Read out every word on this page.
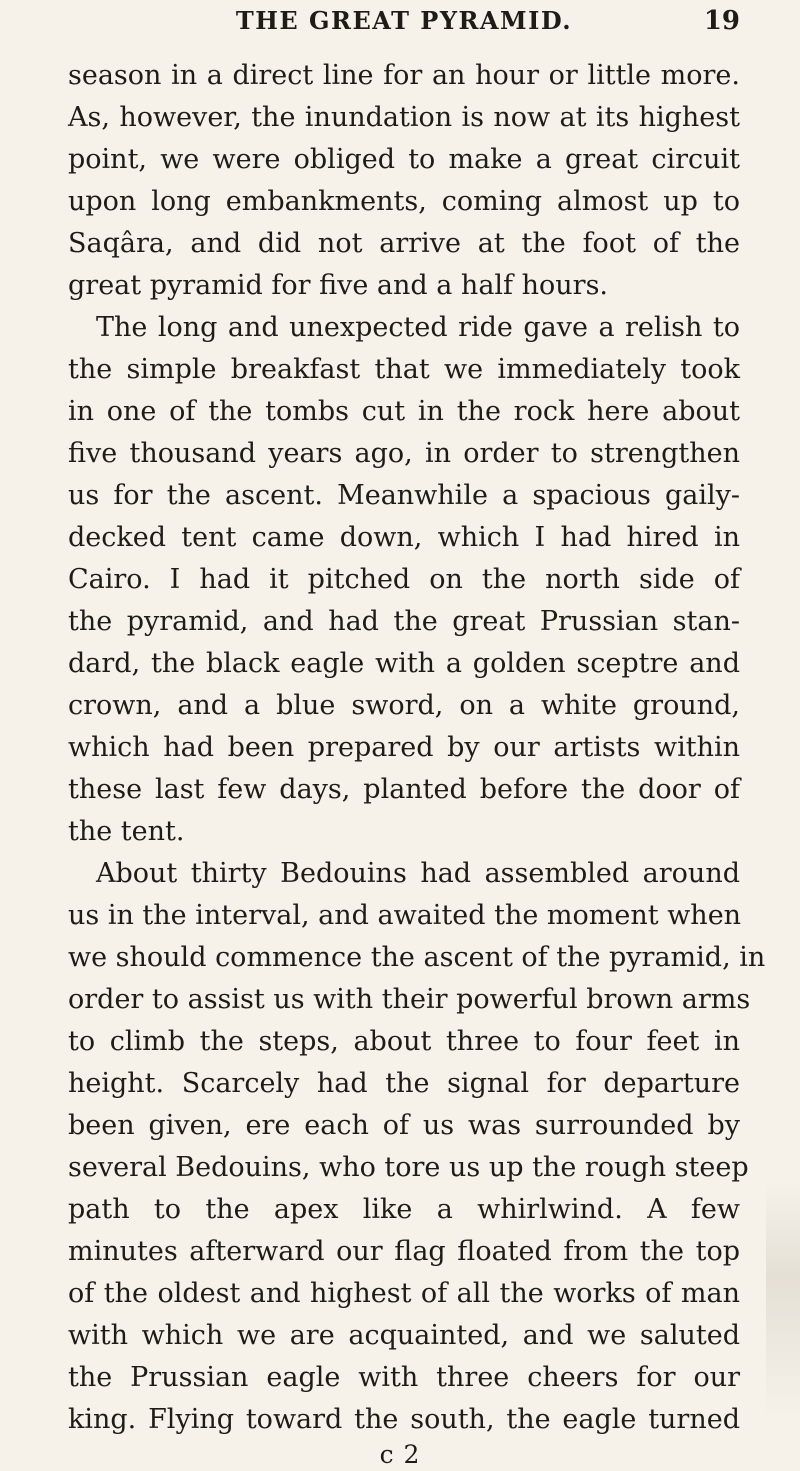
THE GREAT PYRAMID.	19
season in a direct line for an hour or little more.
As, however, the inundation is now at its highest
point, we were obliged to make a great circuit
upon long embankments, coming almost up to
Saqâra, and did not arrive at the foot of the
great pyramid for five and a half hours.
The long and unexpected ride gave a relish to
the simple breakfast that we immediately took
in one of the tombs cut in the rock here about
five thousand years ago, in order to strengthen
us for the ascent. Meanwhile a spacious gaily-
decked tent came down, which I had hired in
Cairo. I had it pitched on the north side of
the pyramid, and had the great Prussian stan-
dard, the black eagle with a golden sceptre and
crown, and a blue sword, on a white ground,
which had been prepared by our artists within
these last few days, planted before the door of
the tent.
About thirty Bedouins had assembled around
us in the interval, and awaited the moment when
we should commence the ascent of the pyramid, in
order to assist us with their powerful brown arms
to climb the steps, about three to four feet in
height. Scarcely had the signal for departure
been given, ere each of us was surrounded by
several Bedouins, who tore us up the rough steep
path to the apex like a whirlwind. A few
minutes afterward our flag floated from the top
of the oldest and highest of all the works of man
with which we are acquainted, and we saluted
the Prussian eagle with three cheers for our
king. Flying toward the south, the eagle turned
c 2
